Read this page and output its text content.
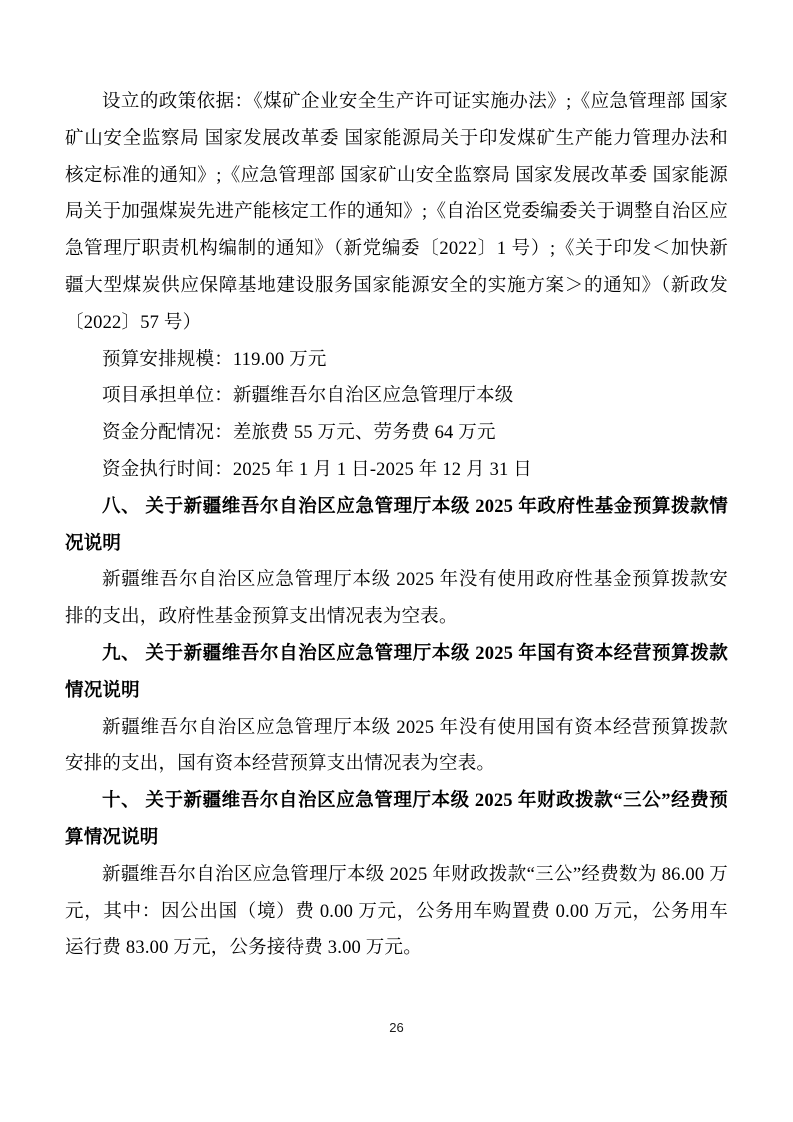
设立的政策依据：《煤矿企业安全生产许可证实施办法》;《应急管理部 国家矿山安全监察局 国家发展改革委 国家能源局关于印发煤矿生产能力管理办法和核定标准的通知》;《应急管理部 国家矿山安全监察局 国家发展改革委 国家能源局关于加强煤炭先进产能核定工作的通知》;《自治区党委编委关于调整自治区应急管理厅职责机构编制的通知》（新党编委〔2022〕1 号）;《关于印发＜加快新疆大型煤炭供应保障基地建设服务国家能源安全的实施方案＞的通知》（新政发〔2022〕57 号）

预算安排规模：119.00 万元

项目承担单位：新疆维吾尔自治区应急管理厅本级

资金分配情况：差旅费 55 万元、劳务费 64 万元

资金执行时间：2025 年 1 月 1 日-2025 年 12 月 31 日

八、 关于新疆维吾尔自治区应急管理厅本级 2025 年政府性基金预算拨款情况说明

新疆维吾尔自治区应急管理厅本级 2025 年没有使用政府性基金预算拨款安排的支出，政府性基金预算支出情况表为空表。

九、 关于新疆维吾尔自治区应急管理厅本级 2025 年国有资本经营预算拨款情况说明

新疆维吾尔自治区应急管理厅本级 2025 年没有使用国有资本经营预算拨款安排的支出，国有资本经营预算支出情况表为空表。

十、 关于新疆维吾尔自治区应急管理厅本级 2025 年财政拨款“三公”经费预算情况说明

新疆维吾尔自治区应急管理厅本级 2025 年财政拨款“三公”经费数为 86.00 万元，其中：因公出国（境）费 0.00 万元，公务用车购置费 0.00 万元，公务用车运行费 83.00 万元，公务接待费 3.00 万元。

26
